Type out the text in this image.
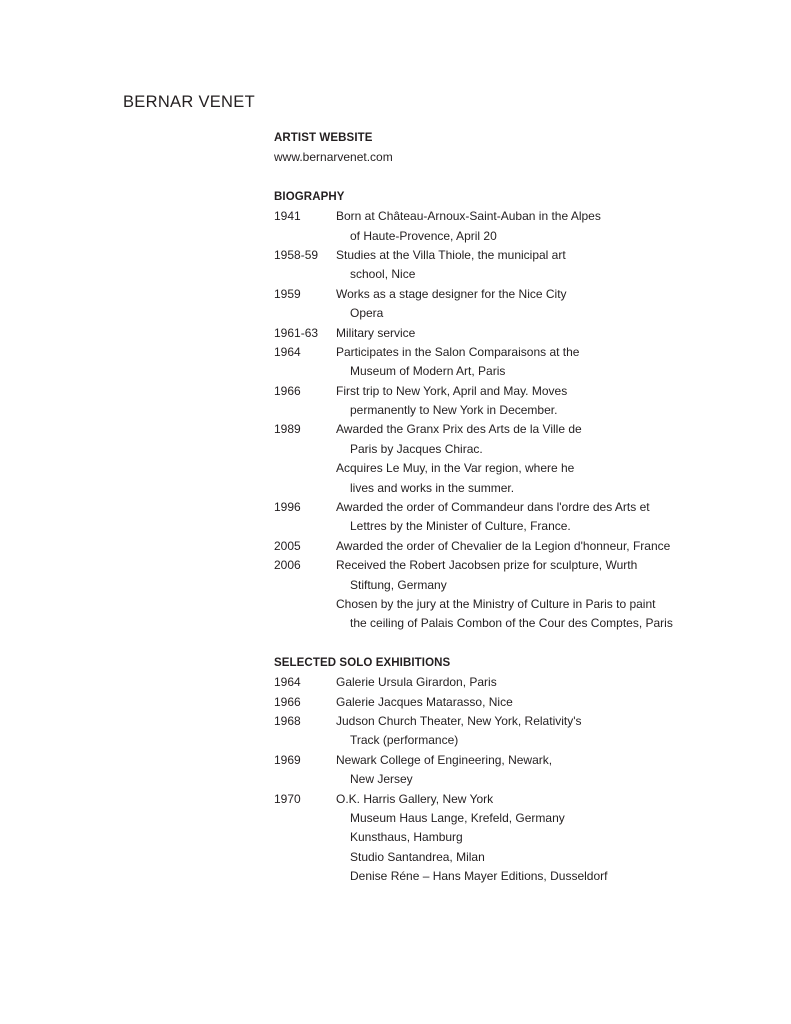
BERNAR VENET
ARTIST WEBSITE
www.bernarvenet.com
BIOGRAPHY
1941	Born at Château-Arnoux-Saint-Auban in the Alpes
of Haute-Provence, April 20
1958-59	Studies at the Villa Thiole, the municipal art
school, Nice
1959	Works as a stage designer for the Nice City
Opera
1961-63	Military service
1964	Participates in the Salon Comparaisons at the
Museum of Modern Art, Paris
1966	First trip to New York, April and May. Moves
permanently to New York in December.
1989	Awarded the Granx Prix des Arts de la Ville de
Paris by Jacques Chirac.
Acquires Le Muy, in the Var region, where he
lives and works in the summer.
1996	Awarded the order of Commandeur dans l'ordre des Arts et
Lettres by the Minister of Culture, France.
2005	Awarded the order of Chevalier de la Legion d'honneur, France
2006	Received the Robert Jacobsen prize for sculpture, Wurth
Stiftung, Germany
Chosen by the jury at the Ministry of Culture in Paris to paint
the ceiling of Palais Combon of the Cour des Comptes, Paris
SELECTED SOLO EXHIBITIONS
1964	Galerie Ursula Girardon, Paris
1966	Galerie Jacques Matarasso, Nice
1968	Judson Church Theater, New York, Relativity's
Track (performance)
1969	Newark College of Engineering, Newark,
New Jersey
1970	O.K. Harris Gallery, New York
Museum Haus Lange, Krefeld, Germany
Kunsthaus, Hamburg
Studio Santandrea, Milan
Denise Réne – Hans Mayer Editions, Dusseldorf
